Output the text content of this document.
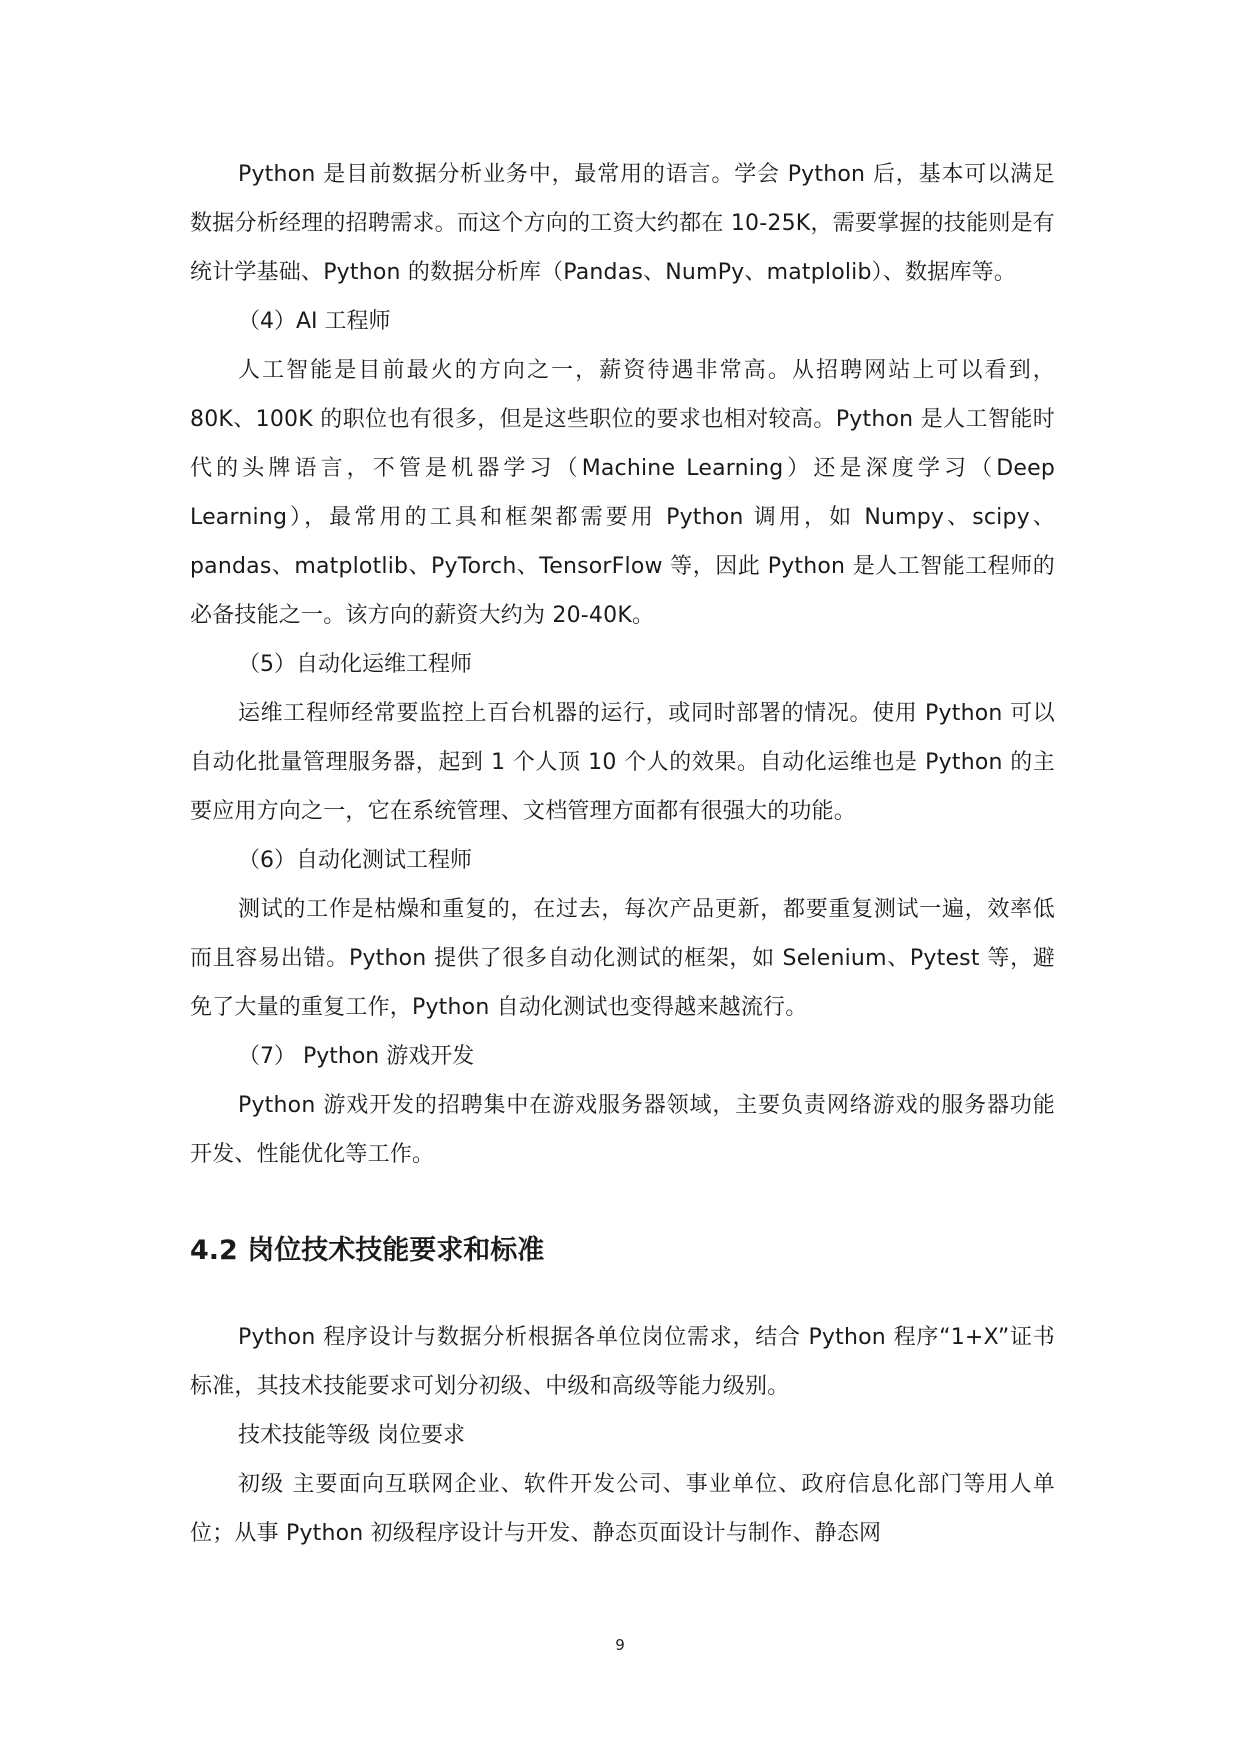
Python 是目前数据分析业务中，最常用的语言。学会 Python 后，基本可以满足数据分析经理的招聘需求。而这个方向的工资大约都在 10-25K，需要掌握的技能则是有统计学基础、Python 的数据分析库（Pandas、NumPy、matplolib）、数据库等。

（4）AI 工程师

人工智能是目前最火的方向之一，薪资待遇非常高。从招聘网站上可以看到，80K、100K 的职位也有很多，但是这些职位的要求也相对较高。Python 是人工智能时代的头牌语言，不管是机器学习（Machine Learning）还是深度学习（Deep Learning），最常用的工具和框架都需要用 Python 调用，如 Numpy、scipy、pandas、matplotlib、PyTorch、TensorFlow 等，因此 Python 是人工智能工程师的必备技能之一。该方向的薪资大约为 20-40K。

（5）自动化运维工程师

运维工程师经常要监控上百台机器的运行，或同时部署的情况。使用 Python 可以自动化批量管理服务器，起到 1 个人顶 10 个人的效果。自动化运维也是 Python 的主要应用方向之一，它在系统管理、文档管理方面都有很强大的功能。

（6）自动化测试工程师

测试的工作是枯燥和重复的，在过去，每次产品更新，都要重复测试一遍，效率低而且容易出错。Python 提供了很多自动化测试的框架，如 Selenium、Pytest 等，避免了大量的重复工作，Python 自动化测试也变得越来越流行。

（7） Python 游戏开发

Python 游戏开发的招聘集中在游戏服务器领域，主要负责网络游戏的服务器功能开发、性能优化等工作。

4.2 岗位技术技能要求和标准

Python 程序设计与数据分析根据各单位岗位需求，结合 Python 程序“1+X”证书标准，其技术技能要求可划分初级、中级和高级等能力级别。

技术技能等级 岗位要求

初级 主要面向互联网企业、软件开发公司、事业单位、政府信息化部门等用人单位；从事 Python 初级程序设计与开发、静态页面设计与制作、静态网

9
